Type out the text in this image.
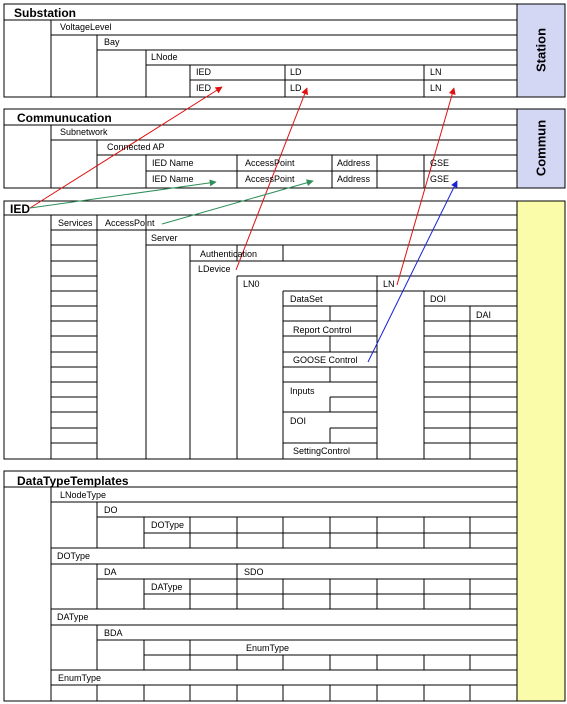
Station
Commun
Substation
VoltageLevel
Bay
LNode
IED	LD	LN
IED	LD	LN
Communucation
Subnetwork
Connected AP
IED Name	AccessPoint	Address	GSE
IED Name	AccessPoint	Address	GSE
IED
Services AccessPoint
Server
Authentication
LDevice
LN0	LN
DataSet	DOI
DAI
Report Control
GOOSE Control
Inputs
DOI
SettingControl
DataTypeTemplates
LNodeType
DO
DOType
DOType
DA	SDO
DAType
DAType
BDA
EnumType
EnumType
